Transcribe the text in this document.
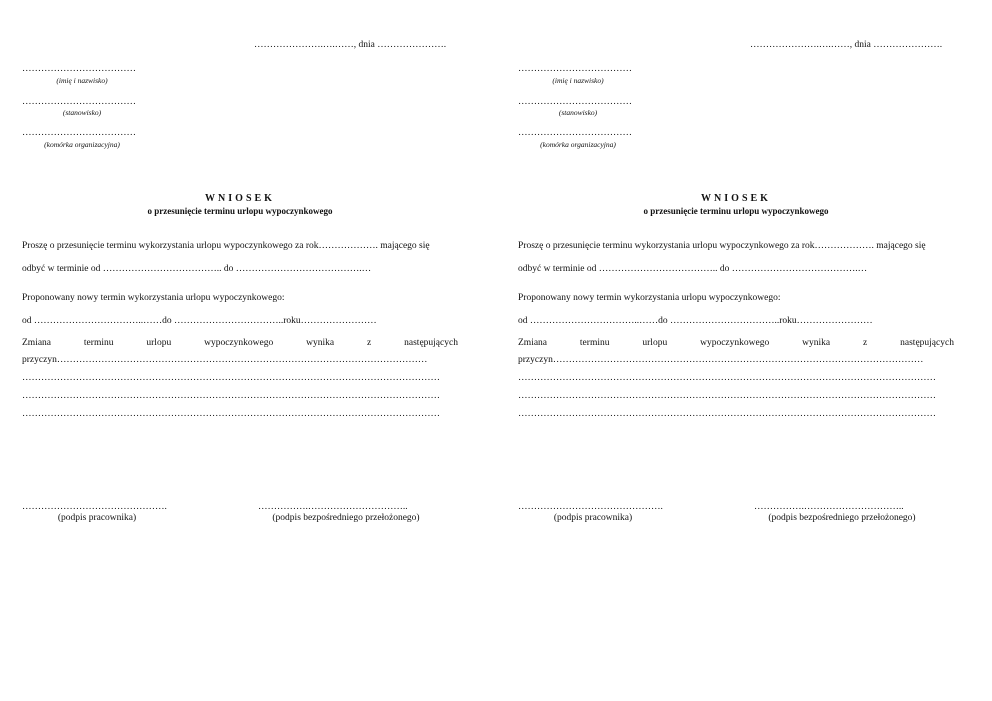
………………….….……, dnia ………………….
………………………………
(imię i nazwisko)
………………………………
(stanowisko)
………………………………
(komórka organizacyjna)
WNIOSEK
o przesunięcie terminu urlopu wypoczynkowego
Proszę o przesunięcie terminu wykorzystania urlopu wypoczynkowego za rok………………. mającego się
odbyć w terminie od ……………………………….. do ………………………………….…
Proponowany nowy termin wykorzystania urlopu wypoczynkowego:
od ……………………………..……do ……………………………..roku……………………
Zmiana	terminu	urlopu	wypoczynkowego	wynika	z	następujących
przyczyn………………………………………………………………………………………………………
……………………………………………………………………………………………………………………
……………………………………………………………………………………………………………………
……………………………………………………………………………………………………………………
……………………………………….
(podpis pracownika)
…………….…………………………..
(podpis bezpośredniego przełożonego)
………………….….……, dnia ………………….
………………………………
(imię i nazwisko)
………………………………
(stanowisko)
………………………………
(komórka organizacyjna)
WNIOSEK
o przesunięcie terminu urlopu wypoczynkowego
Proszę o przesunięcie terminu wykorzystania urlopu wypoczynkowego za rok………………. mającego się
odbyć w terminie od ……………………………….. do ………………………………….…
Proponowany nowy termin wykorzystania urlopu wypoczynkowego:
od ……………………………..……do ……………………………..roku……………………
Zmiana	terminu	urlopu	wypoczynkowego	wynika	z	następujących
przyczyn………………………………………………………………………………………………………
……………………………………………………………………………………………………………………
……………………………………………………………………………………………………………………
……………………………………………………………………………………………………………………
……………………………………….
(podpis pracownika)
…………….…………………………..
(podpis bezpośredniego przełożonego)
